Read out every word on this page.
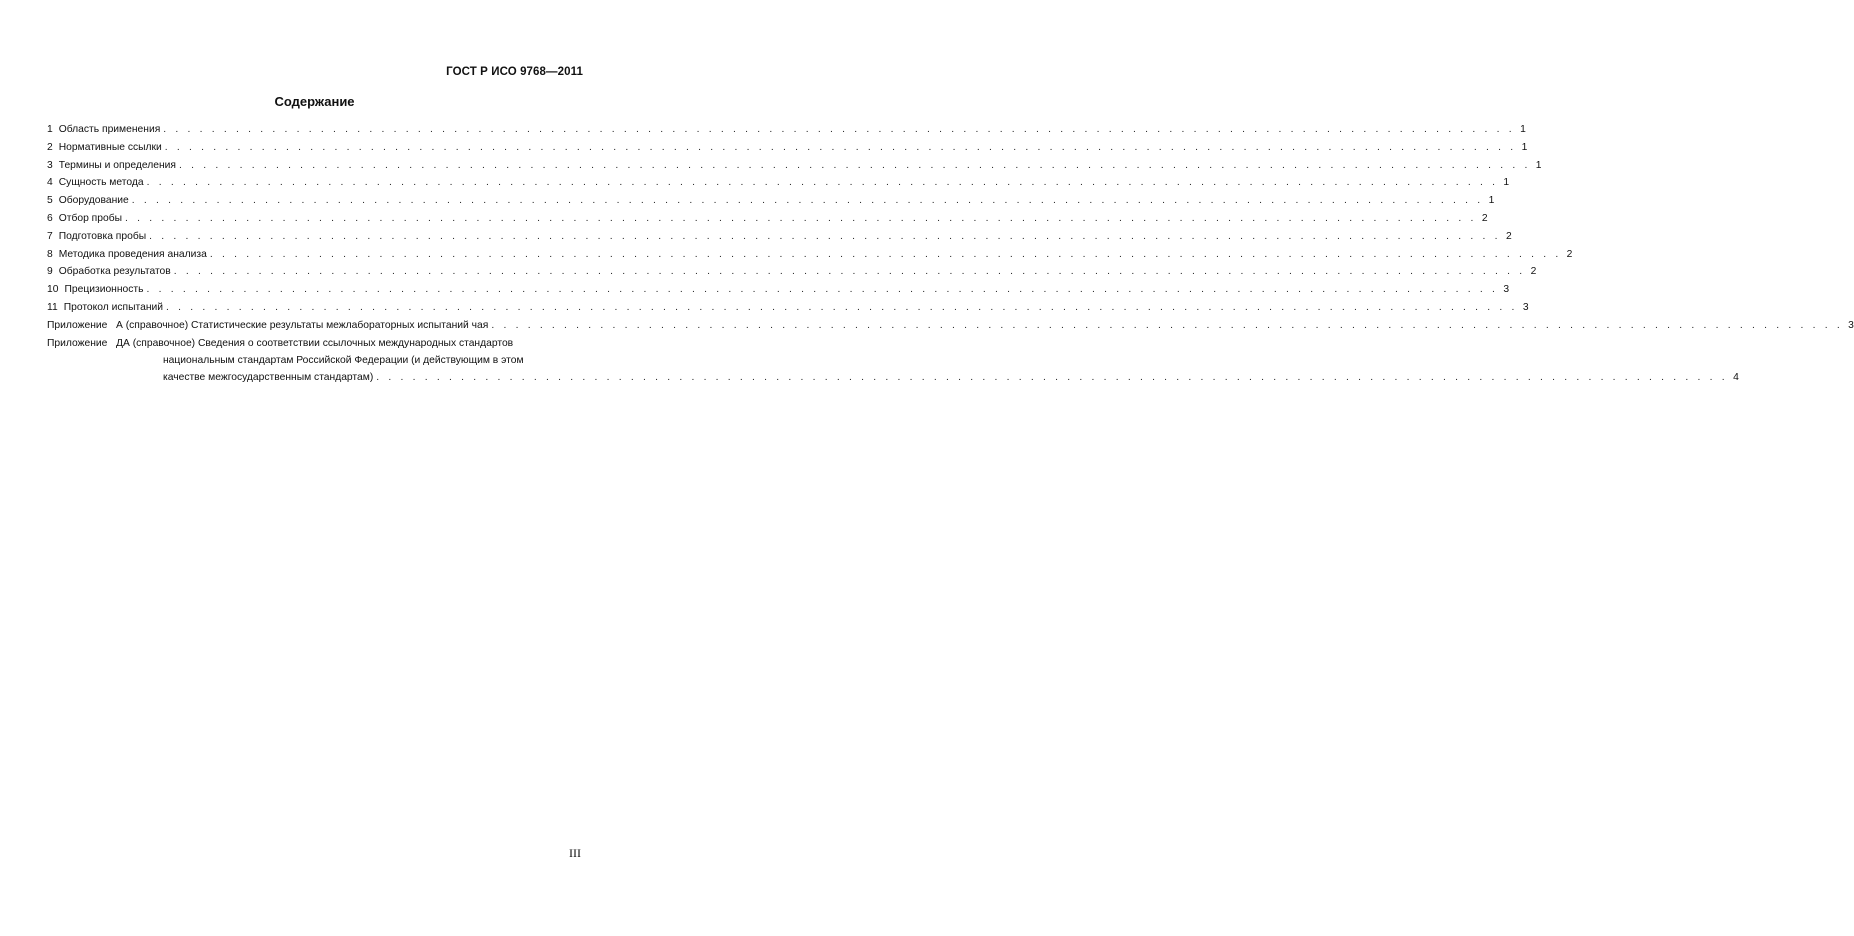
ГОСТ Р ИСО 9768—2011
Содержание
1 Область применения . . .	1
2 Нормативные ссылки . . .	1
3 Термины и определения . . .	1
4 Сущность метода . . .	1
5 Оборудование . . .	1
6 Отбор пробы . . .	2
7 Подготовка пробы . . .	2
8 Методика проведения анализа . . .	2
9 Обработка результатов . . .	2
10 Прецизионность . . .	3
11 Протокол испытаний . . .	3
Приложение А (справочное) Статистические результаты межлабораторных испытаний чая . . .	3
Приложение ДА (справочное) Сведения о соответствии ссылочных международных стандартов
национальным стандартам Российской Федерации (и действующим в этом
качестве межгосударственным стандартам) . . .	4
III
